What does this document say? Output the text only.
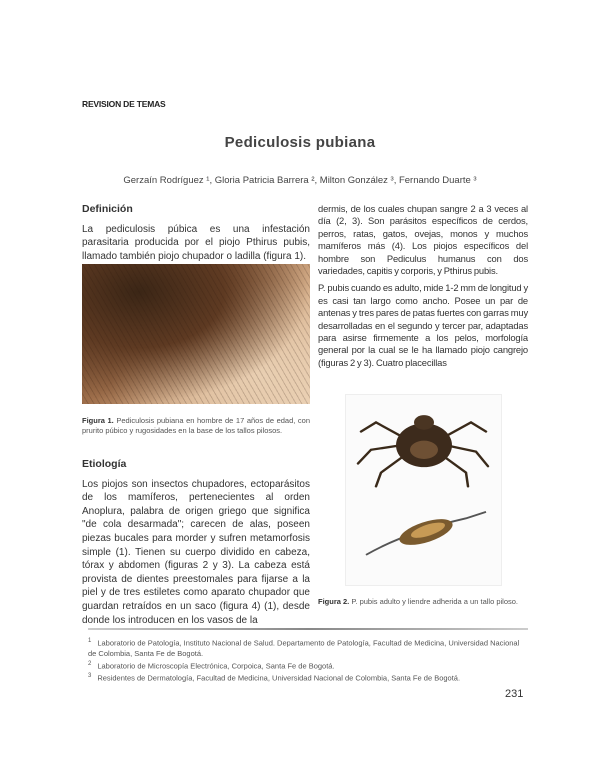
REVISION DE TEMAS
Pediculosis pubiana
Gerzaín Rodríguez ¹, Gloria Patricia Barrera ², Milton González ³, Fernando Duarte ³
Definición

La pediculosis púbica es una infestación parasitaria producida por el piojo Pthirus pubis, llamado también piojo chupador o ladilla (figura 1).

Figura 1. Pediculosis pubiana en hombre de 17 años de edad, con prurito púbico y rugosidades en la base de los tallos pilosos.
Etiología

Los piojos son insectos chupadores, ectoparásitos de los mamíferos, pertenecientes al orden Anoplura, palabra de origen griego que significa "de cola desarmada"; carecen de alas, poseen piezas bucales para morder y sufren metamorfosis simple (1). Tienen su cuerpo dividido en cabeza, tórax y abdomen (figuras 2 y 3). La cabeza está provista de dientes preestomales para fijarse a la piel y de tres estiletes como aparato chupador que guardan retraídos en un saco (figura 4) (1), desde donde los introducen en los vasos de la

dermis, de los cuales chupan sangre 2 a 3 veces al día (2, 3). Son parásitos específicos de cerdos, perros, ratas, gatos, ovejas, monos y muchos mamíferos más (4). Los piojos específicos del hombre son Pediculus humanus con dos variedades, capitis y corporis, y Pthirus pubis.

P. pubis cuando es adulto, mide 1-2 mm de longitud y es casi tan largo como ancho. Posee un par de antenas y tres pares de patas fuertes con garras muy desarrolladas en el segundo y tercer par, adaptadas para asirse firmemente a los pelos, morfología general por la cual se le ha llamado piojo cangrejo (figuras 2 y 3). Cuatro placecillas

Figura 2. P. pubis adulto y liendre adherida a un tallo piloso.
$^1$ Laboratorio de Patología, Instituto Nacional de Salud. Departamento de Patología, Facultad de Medicina, Universidad Nacional de Colombia, Santa Fe de Bogotá.
$^2$ Laboratorio de Microscopía Electrónica, Corpoica, Santa Fe de Bogotá.
$^3$ Residentes de Dermatología, Facultad de Medicina, Universidad Nacional de Colombia, Santa Fe de Bogotá.
231
